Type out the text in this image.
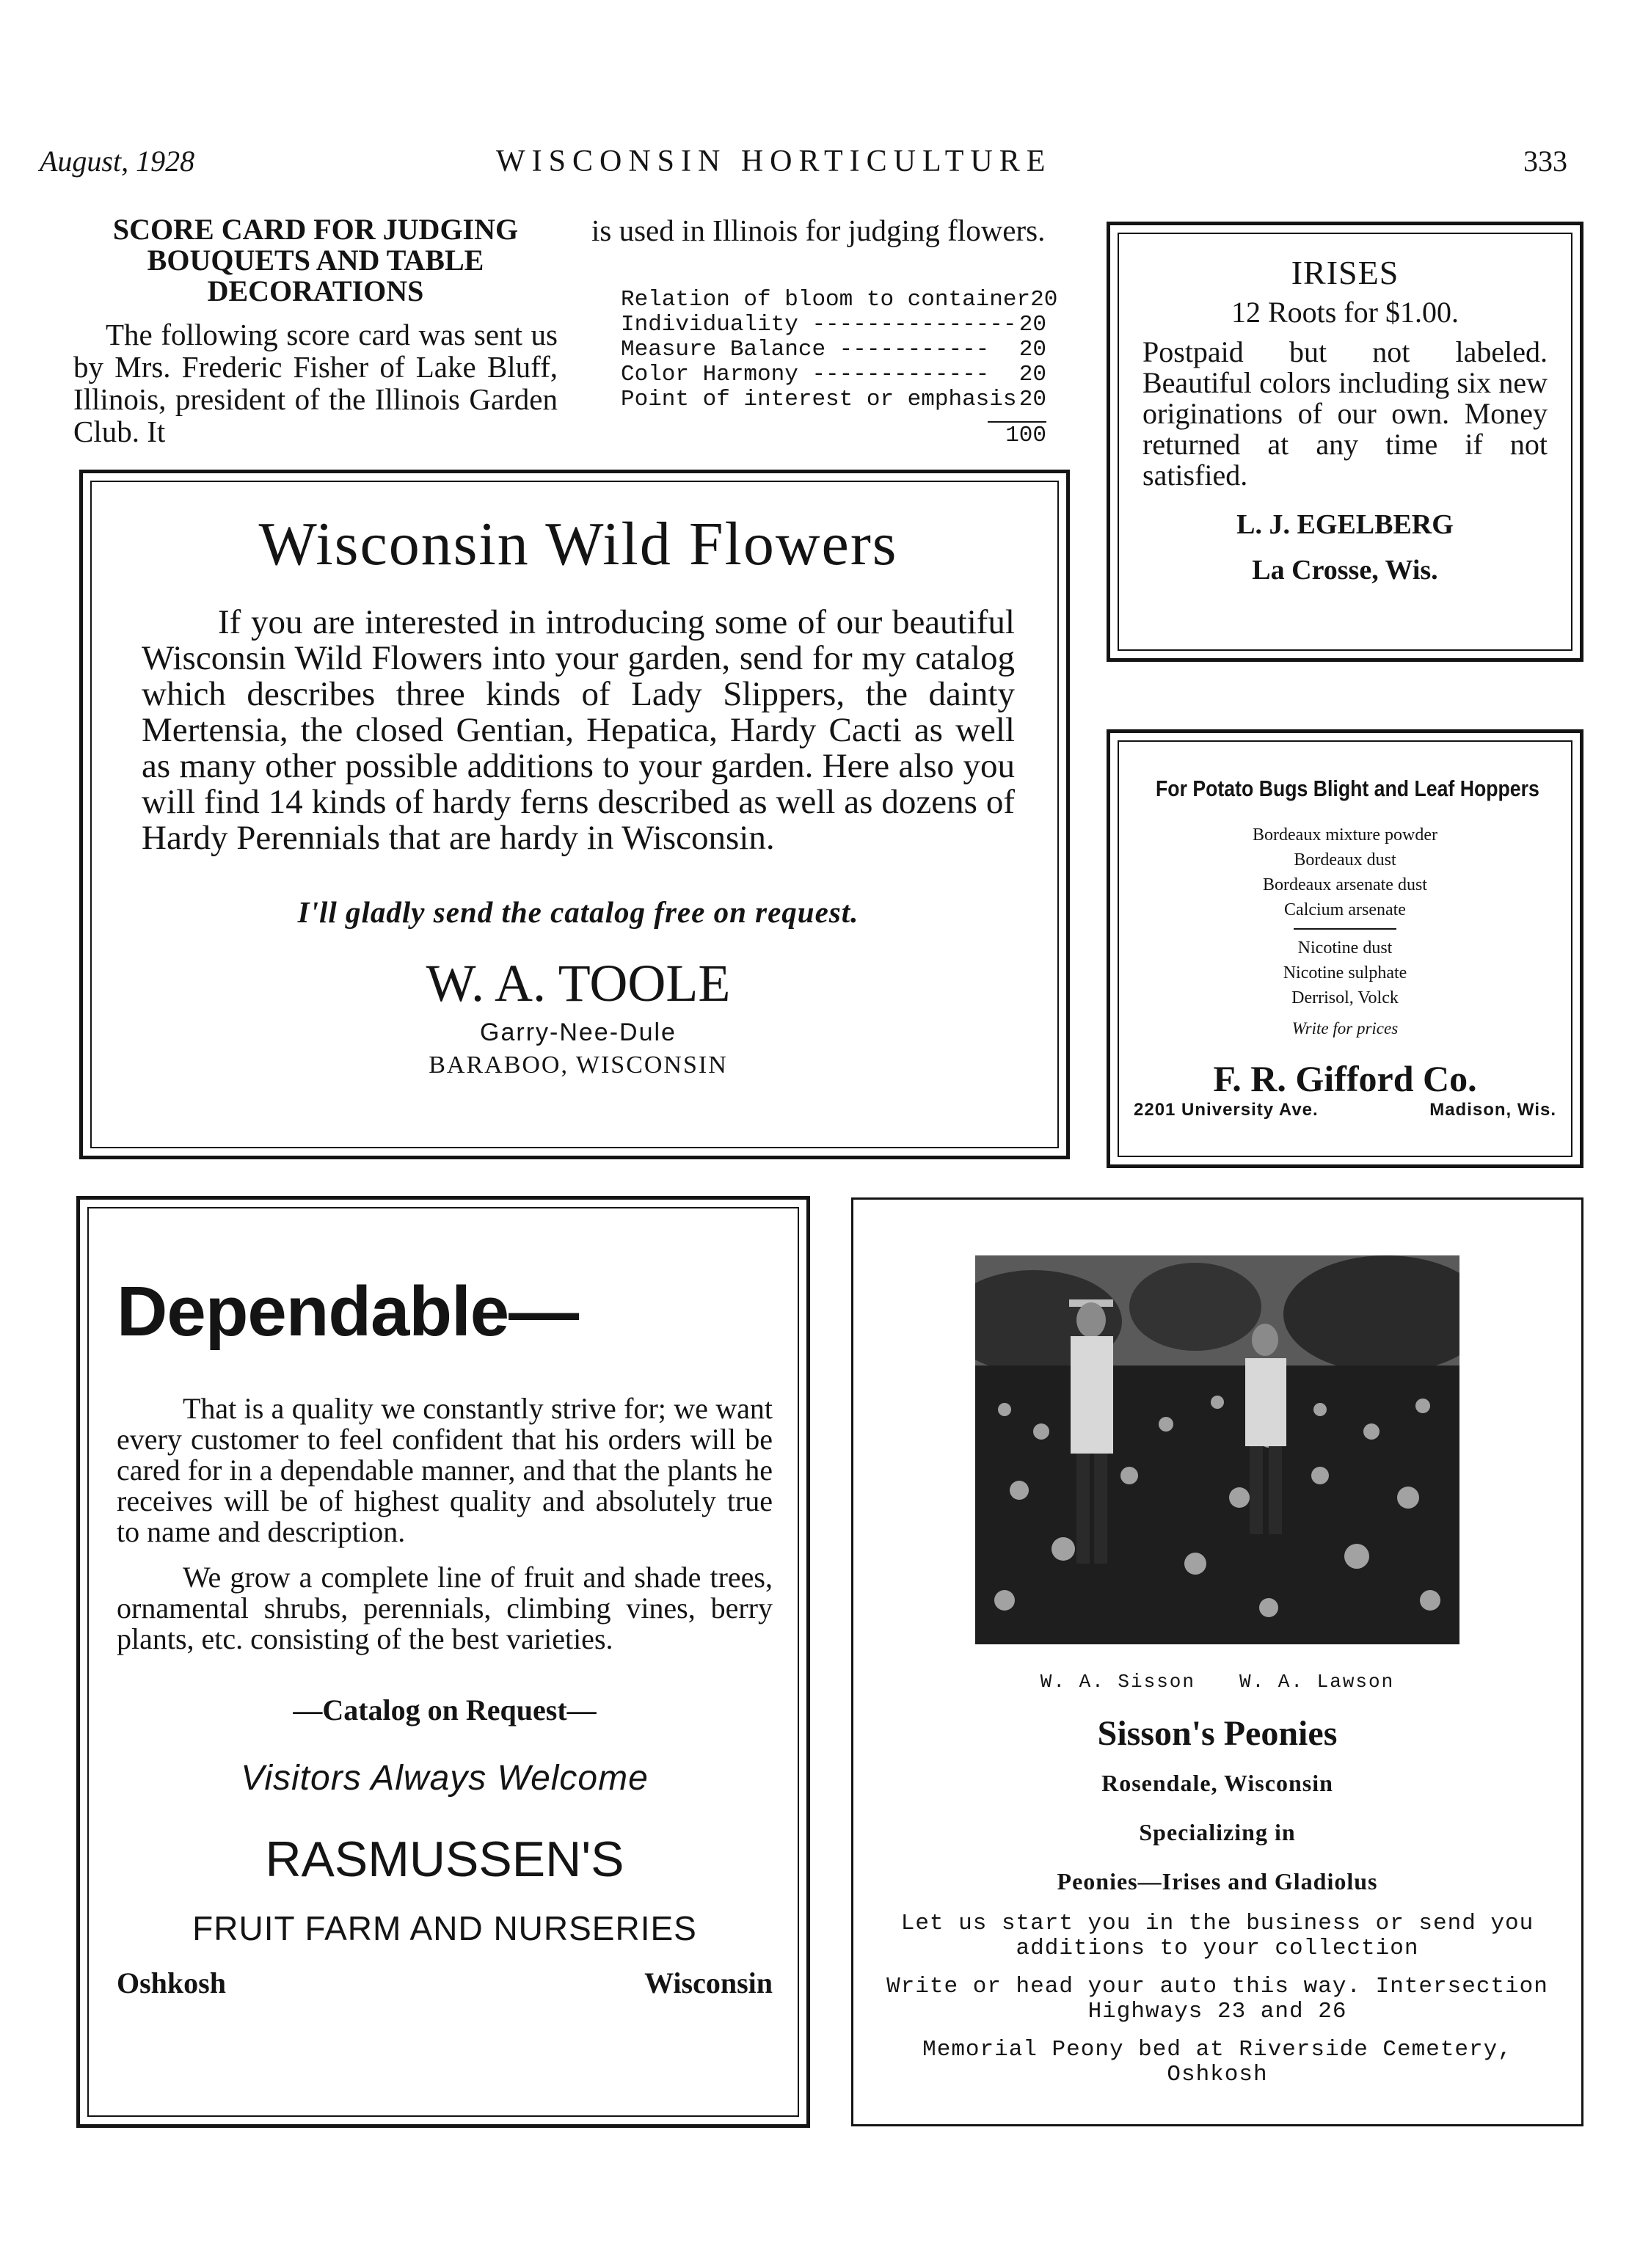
August, 1928	WISCONSIN HORTICULTURE	333
SCORE CARD FOR JUDGING BOUQUETS AND TABLE DECORATIONS
The following score card was sent us by Mrs. Frederic Fisher of Lake Bluff, Illinois, president of the Illinois Garden Club. It
is used in Illinois for judging flowers.
Relation of bloom to container 20
Individuality --------------- 20
Measure Balance ----------- 20
Color Harmony ------------- 20
Point of interest or emphasis 20
100
IRISES
12 Roots for $1.00.
Postpaid but not labeled. Beautiful colors including six new originations of our own. Money returned at any time if not satisfied.
L. J. EGELBERG
La Crosse, Wis.
Wisconsin Wild Flowers
If you are interested in introducing some of our beautiful Wisconsin Wild Flowers into your garden, send for my catalog which describes three kinds of Lady Slippers, the dainty Mertensia, the closed Gentian, Hepatica, Hardy Cacti as well as many other possible additions to your garden. Here also you will find 14 kinds of hardy ferns described as well as dozens of Hardy Perennials that are hardy in Wisconsin.
I'll gladly send the catalog free on request.
W. A. TOOLE
Garry-Nee-Dule
BARABOO, WISCONSIN
For Potato Bugs Blight and Leaf Hoppers
Bordeaux mixture powder
Bordeaux dust
Bordeaux arsenate dust
Calcium arsenate
Nicotine dust
Nicotine sulphate
Derrisol, Volck
Write for prices
F. R. Gifford Co.
2201 University Ave.	Madison, Wis.
Dependable—
That is a quality we constantly strive for; we want every customer to feel confident that his orders will be cared for in a dependable manner, and that the plants he receives will be of highest quality and absolutely true to name and description.
We grow a complete line of fruit and shade trees, ornamental shrubs, perennials, climbing vines, berry plants, etc. consisting of the best varieties.
—Catalog on Request—
Visitors Always Welcome
RASMUSSEN'S
FRUIT FARM AND NURSERIES
Oshkosh	Wisconsin
W. A. Sisson W. A. Lawson
Sisson's Peonies
Rosendale, Wisconsin
Specializing in
Peonies—Irises and Gladiolus
Let us start you in the business or send you additions to your collection
Write or head your auto this way. Intersection Highways 23 and 26
Memorial Peony bed at Riverside Cemetery, Oshkosh
